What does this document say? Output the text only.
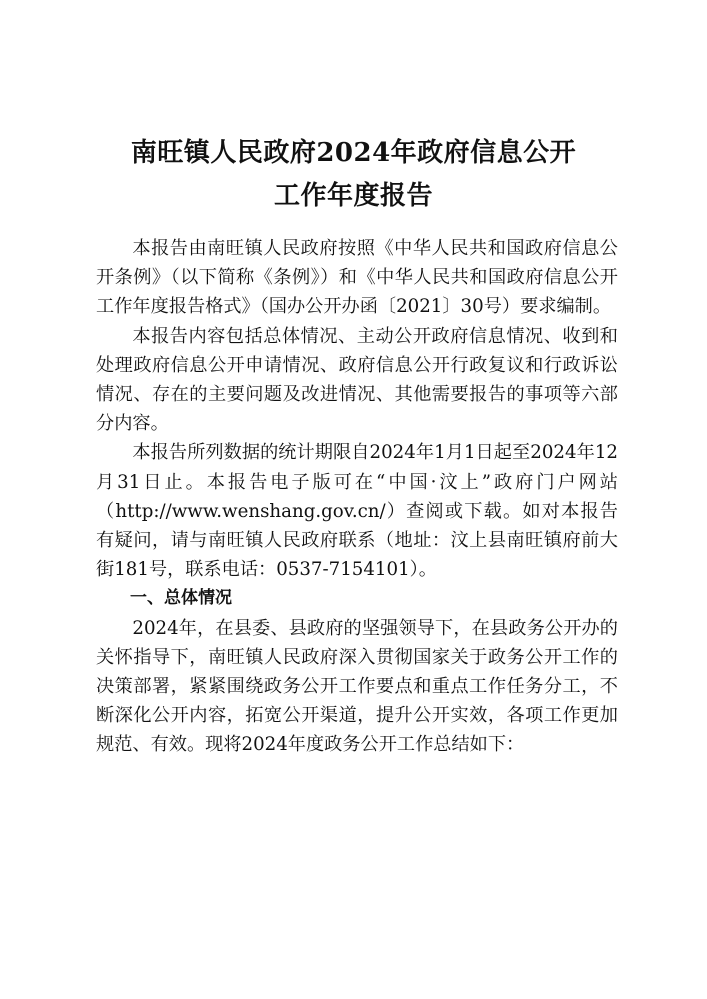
南旺镇人民政府2024年政府信息公开
工作年度报告

本报告由南旺镇人民政府按照《中华人民共和国政府信息公开条例》（以下简称《条例》）和《中华人民共和国政府信息公开工作年度报告格式》（国办公开办函〔2021〕30号）要求编制。

本报告内容包括总体情况、主动公开政府信息情况、收到和处理政府信息公开申请情况、政府信息公开行政复议和行政诉讼情况、存在的主要问题及改进情况、其他需要报告的事项等六部分内容。

本报告所列数据的统计期限自2024年1月1日起至2024年12月31日止。本报告电子版可在“中国·汶上”政府门户网站（http://www.wenshang.gov.cn/）查阅或下载。如对本报告有疑问，请与南旺镇人民政府联系（地址：汶上县南旺镇府前大街181号，联系电话：0537-7154101）。

一、总体情况

2024年，在县委、县政府的坚强领导下，在县政务公开办的关怀指导下，南旺镇人民政府深入贯彻国家关于政务公开工作的决策部署，紧紧围绕政务公开工作要点和重点工作任务分工，不断深化公开内容，拓宽公开渠道，提升公开实效，各项工作更加规范、有效。现将2024年度政务公开工作总结如下：
